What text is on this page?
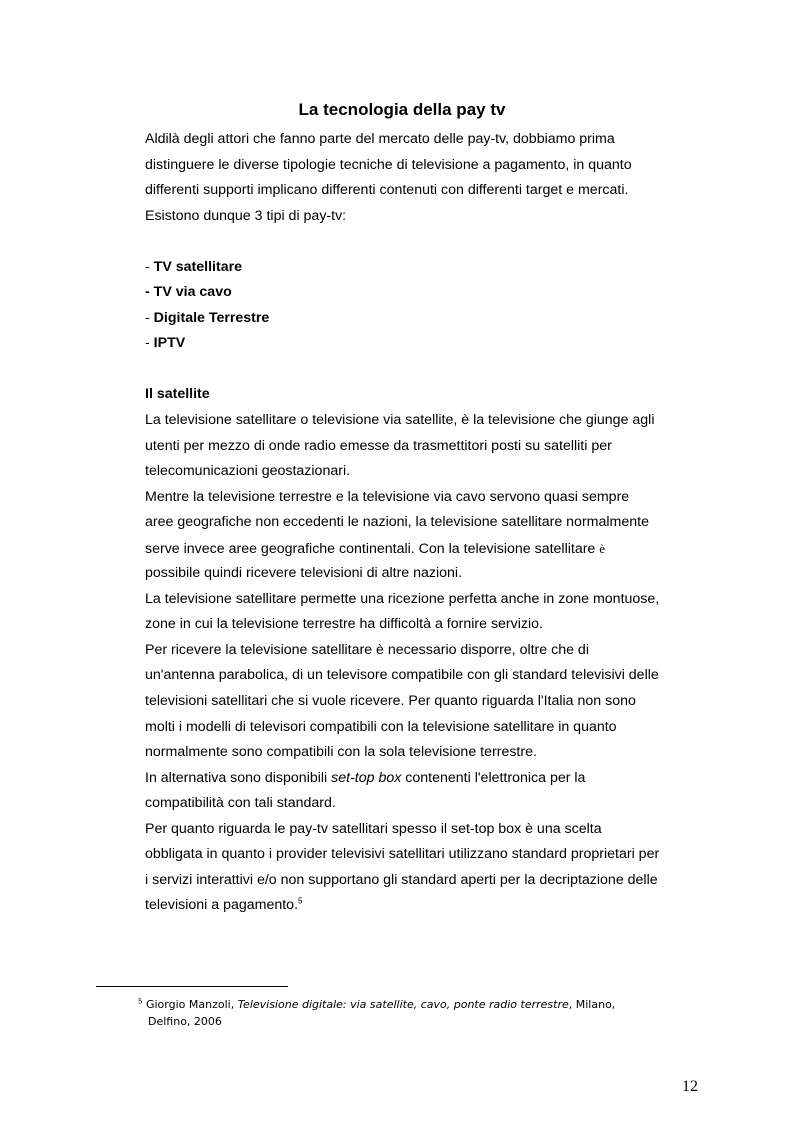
La tecnologia della pay tv
Aldilà degli attori che fanno parte del mercato delle pay-tv, dobbiamo prima
distinguere le diverse tipologie tecniche di televisione a pagamento, in quanto
differenti supporti implicano differenti contenuti con differenti target e mercati.
Esistono dunque 3 tipi di pay-tv:
- TV satellitare
- TV via cavo
- Digitale Terrestre
- IPTV
Il satellite
La televisione satellitare o televisione via satellite, è la televisione che giunge agli
utenti per mezzo di onde radio emesse da trasmettitori posti su satelliti per
telecomunicazioni geostazionari.
Mentre la televisione terrestre e la televisione via cavo servono quasi sempre
aree geografiche non eccedenti le nazioni, la televisione satellitare normalmente
serve invece aree geografiche continentali. Con la televisione satellitare è
possibile quindi ricevere televisioni di altre nazioni.
La televisione satellitare permette una ricezione perfetta anche in zone montuose,
zone in cui la televisione terrestre ha difficoltà a fornire servizio.
Per ricevere la televisione satellitare è necessario disporre, oltre che di
un'antenna parabolica, di un televisore compatibile con gli standard televisivi delle
televisioni satellitari che si vuole ricevere. Per quanto riguarda l'Italia non sono
molti i modelli di televisori compatibili con la televisione satellitare in quanto
normalmente sono compatibili con la sola televisione terrestre.
In alternativa sono disponibili set-top box contenenti l'elettronica per la
compatibilità con tali standard.
Per quanto riguarda le pay-tv satellitari spesso il set-top box è una scelta
obbligata in quanto i provider televisivi satellitari utilizzano standard proprietari per
i servizi interattivi e/o non supportano gli standard aperti per la decriptazione delle
televisioni a pagamento.$^5$
$^5$ Giorgio Manzoli, Televisione digitale: via satellite, cavo, ponte radio terrestre, Milano,
Delfino, 2006
12
